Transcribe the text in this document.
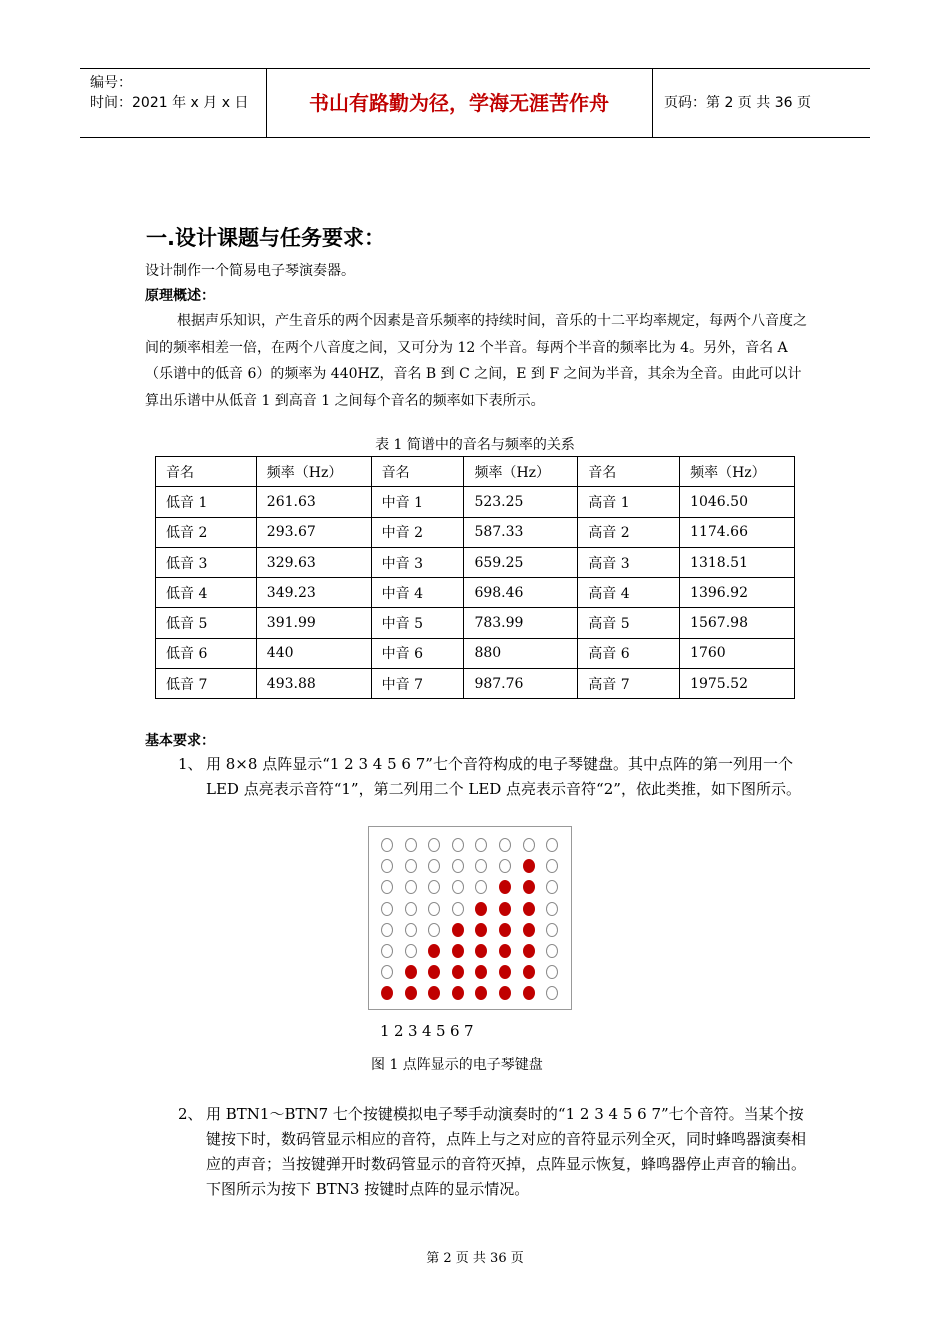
编号：
时间：2021 年 x 月 x 日	书山有路勤为径，学海无涯苦作舟	页码：第 2 页 共 36 页
一.设计课题与任务要求：
设计制作一个简易电子琴演奏器。
原理概述：
根据声乐知识，产生音乐的两个因素是音乐频率的持续时间，音乐的十二平均率规定，每两个八音度之间的频率相差一倍，在两个八音度之间，又可分为 12 个半音。每两个半音的频率比为 4。另外，音名 A（乐谱中的低音 6）的频率为 440HZ，音名 B 到 C 之间，E 到 F 之间为半音，其余为全音。由此可以计算出乐谱中从低音 1 到高音 1 之间每个音名的频率如下表所示。
表 1 简谱中的音名与频率的关系
音名	频率（Hz）	音名	频率（Hz）	音名	频率（Hz）
低音 1	261.63	中音 1	523.25	高音 1	1046.50
低音 2	293.67	中音 2	587.33	高音 2	1174.66
低音 3	329.63	中音 3	659.25	高音 3	1318.51
低音 4	349.23	中音 4	698.46	高音 4	1396.92
低音 5	391.99	中音 5	783.99	高音 5	1567.98
低音 6	440	中音 6	880	高音 6	1760
低音 7	493.88	中音 7	987.76	高音 7	1975.52
基本要求：
1、 用 8×8 点阵显示“1 2 3 4 5 6 7”七个音符构成的电子琴键盘。其中点阵的第一列用一个 LED 点亮表示音符“1”，第二列用二个 LED 点亮表示音符“2”，依此类推，如下图所示。
1 2 3 4 5 6 7
图 1 点阵显示的电子琴键盘
2、 用 BTN1～BTN7 七个按键模拟电子琴手动演奏时的“1 2 3 4 5 6 7”七个音符。当某个按键按下时，数码管显示相应的音符，点阵上与之对应的音符显示列全灭，同时蜂鸣器演奏相应的声音；当按键弹开时数码管显示的音符灭掉，点阵显示恢复，蜂鸣器停止声音的输出。下图所示为按下 BTN3 按键时点阵的显示情况。
第 2 页 共 36 页
